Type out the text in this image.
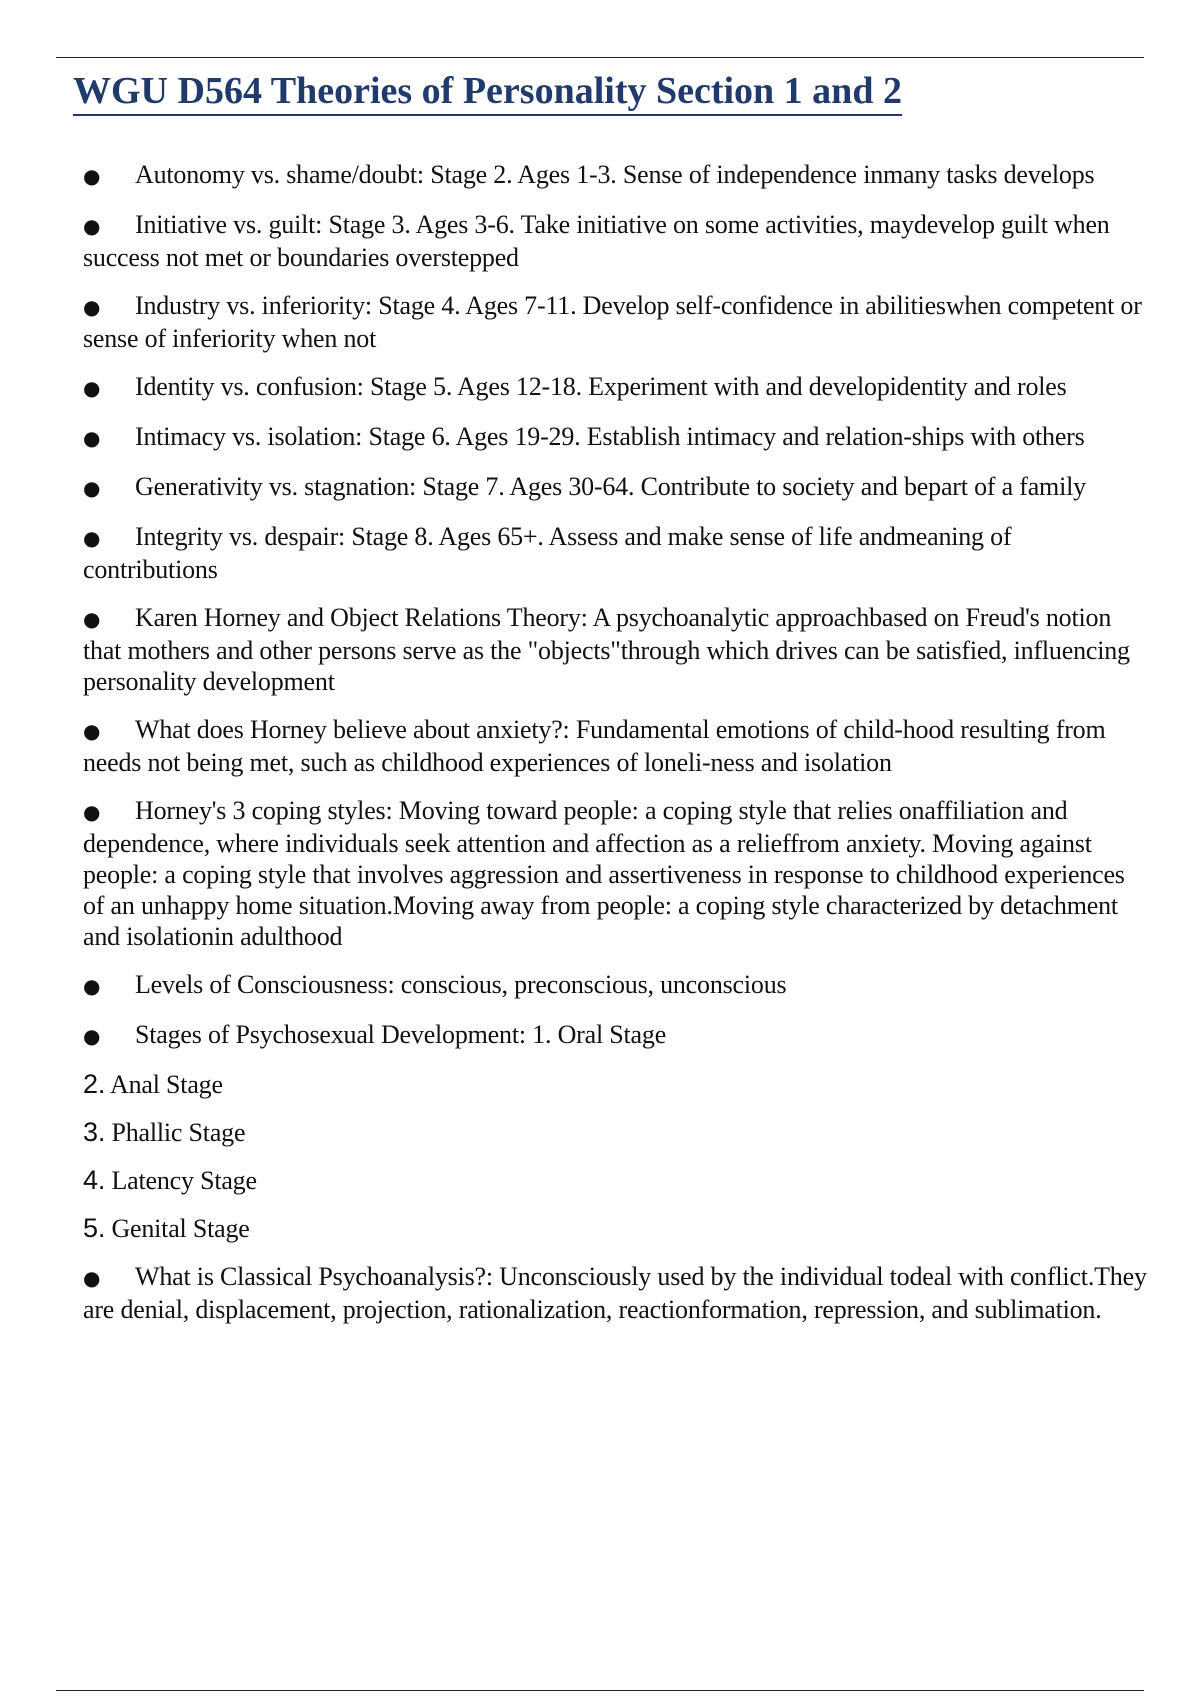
WGU D564 Theories of Personality Section 1 and 2
● Autonomy vs. shame/doubt: Stage 2. Ages 1-3. Sense of independence inmany tasks develops
● Initiative vs. guilt: Stage 3. Ages 3-6. Take initiative on some activities, maydevelop guilt when success not met or boundaries overstepped
● Industry vs. inferiority: Stage 4. Ages 7-11. Develop self-confidence in abilitieswhen competent or sense of inferiority when not
● Identity vs. confusion: Stage 5. Ages 12-18. Experiment with and developidentity and roles
● Intimacy vs. isolation: Stage 6. Ages 19-29. Establish intimacy and relation-ships with others
● Generativity vs. stagnation: Stage 7. Ages 30-64. Contribute to society and bepart of a family
● Integrity vs. despair: Stage 8. Ages 65+. Assess and make sense of life andmeaning of contributions
● Karen Horney and Object Relations Theory: A psychoanalytic approachbased on Freud's notion that mothers and other persons serve as the "objects"through which drives can be satisfied, influencing personality development
● What does Horney believe about anxiety?: Fundamental emotions of child-hood resulting from needs not being met, such as childhood experiences of loneli-ness and isolation
● Horney's 3 coping styles: Moving toward people: a coping style that relies onaffiliation and dependence, where individuals seek attention and affection as a relieffrom anxiety. Moving against people: a coping style that involves aggression and assertiveness in response to childhood experiences of an unhappy home situation.Moving away from people: a coping style characterized by detachment and isolationin adulthood
● Levels of Consciousness: conscious, preconscious, unconscious
● Stages of Psychosexual Development: 1. Oral Stage
2. Anal Stage
3. Phallic Stage
4. Latency Stage
5. Genital Stage
● What is Classical Psychoanalysis?: Unconsciously used by the individual todeal with conflict.They are denial, displacement, projection, rationalization, reactionformation, repression, and sublimation.
